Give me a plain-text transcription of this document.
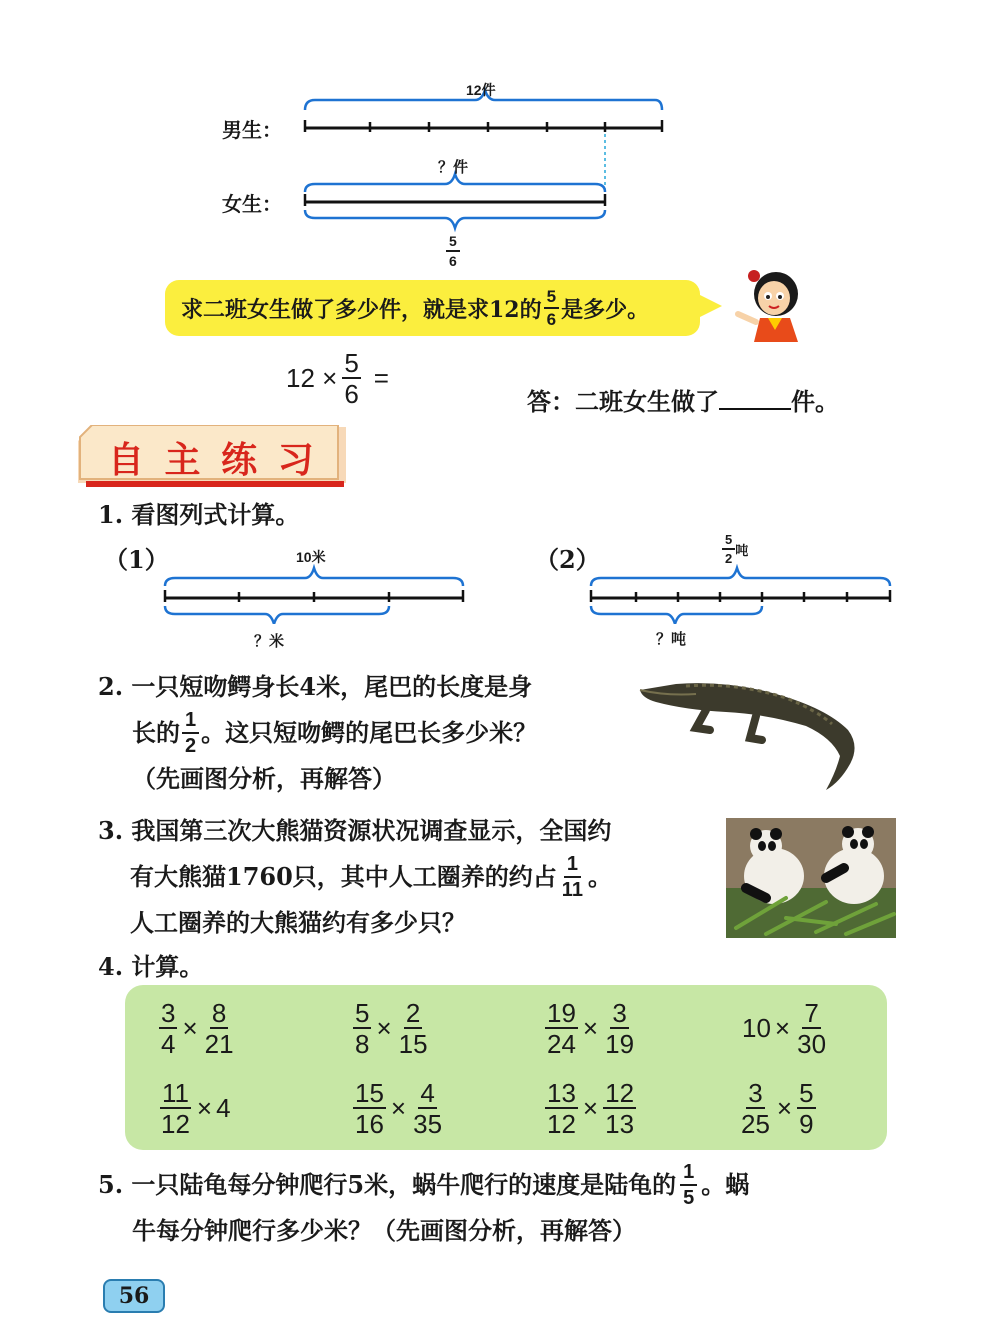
12件
男生：
？件
女生：
$\frac{5}{6}$
求二班女生做了多少件，就是求12的 $\frac{5}{6}$ 是多少。
$12 \times \frac{5}{6}$ =
答：二班女生做了	件。
自 主 练 习
1. 看图列式计算。
（1）	10米
？米
（2）	$\frac{5}{2}$ 吨
？吨
2. 一只短吻鳄身长4米，尾巴的长度是身
长的 $\frac{1}{2}$ 。这只短吻鳄的尾巴长多少米？
（先画图分析，再解答）
3. 我国第三次大熊猫资源状况调查显示，全国约
有大熊猫1760只，其中人工圈养的约占 $\frac{1}{11}$ 。
人工圈养的大熊猫约有多少只？
4. 计算。
$\frac{3}{4} \times \frac{8}{21}$	$\frac{5}{8} \times \frac{2}{15}$	$\frac{19}{24} \times \frac{3}{19}$	$10 \times \frac{7}{30}$
$\frac{11}{12} \times 4$	$\frac{15}{16} \times \frac{4}{35}$	$\frac{13}{12} \times \frac{12}{13}$	$\frac{3}{25} \times \frac{5}{9}$
5. 一只陆龟每分钟爬行5米，蜗牛爬行的速度是陆龟的 $\frac{1}{5}$ 。蜗
牛每分钟爬行多少米？（先画图分析，再解答）
56
